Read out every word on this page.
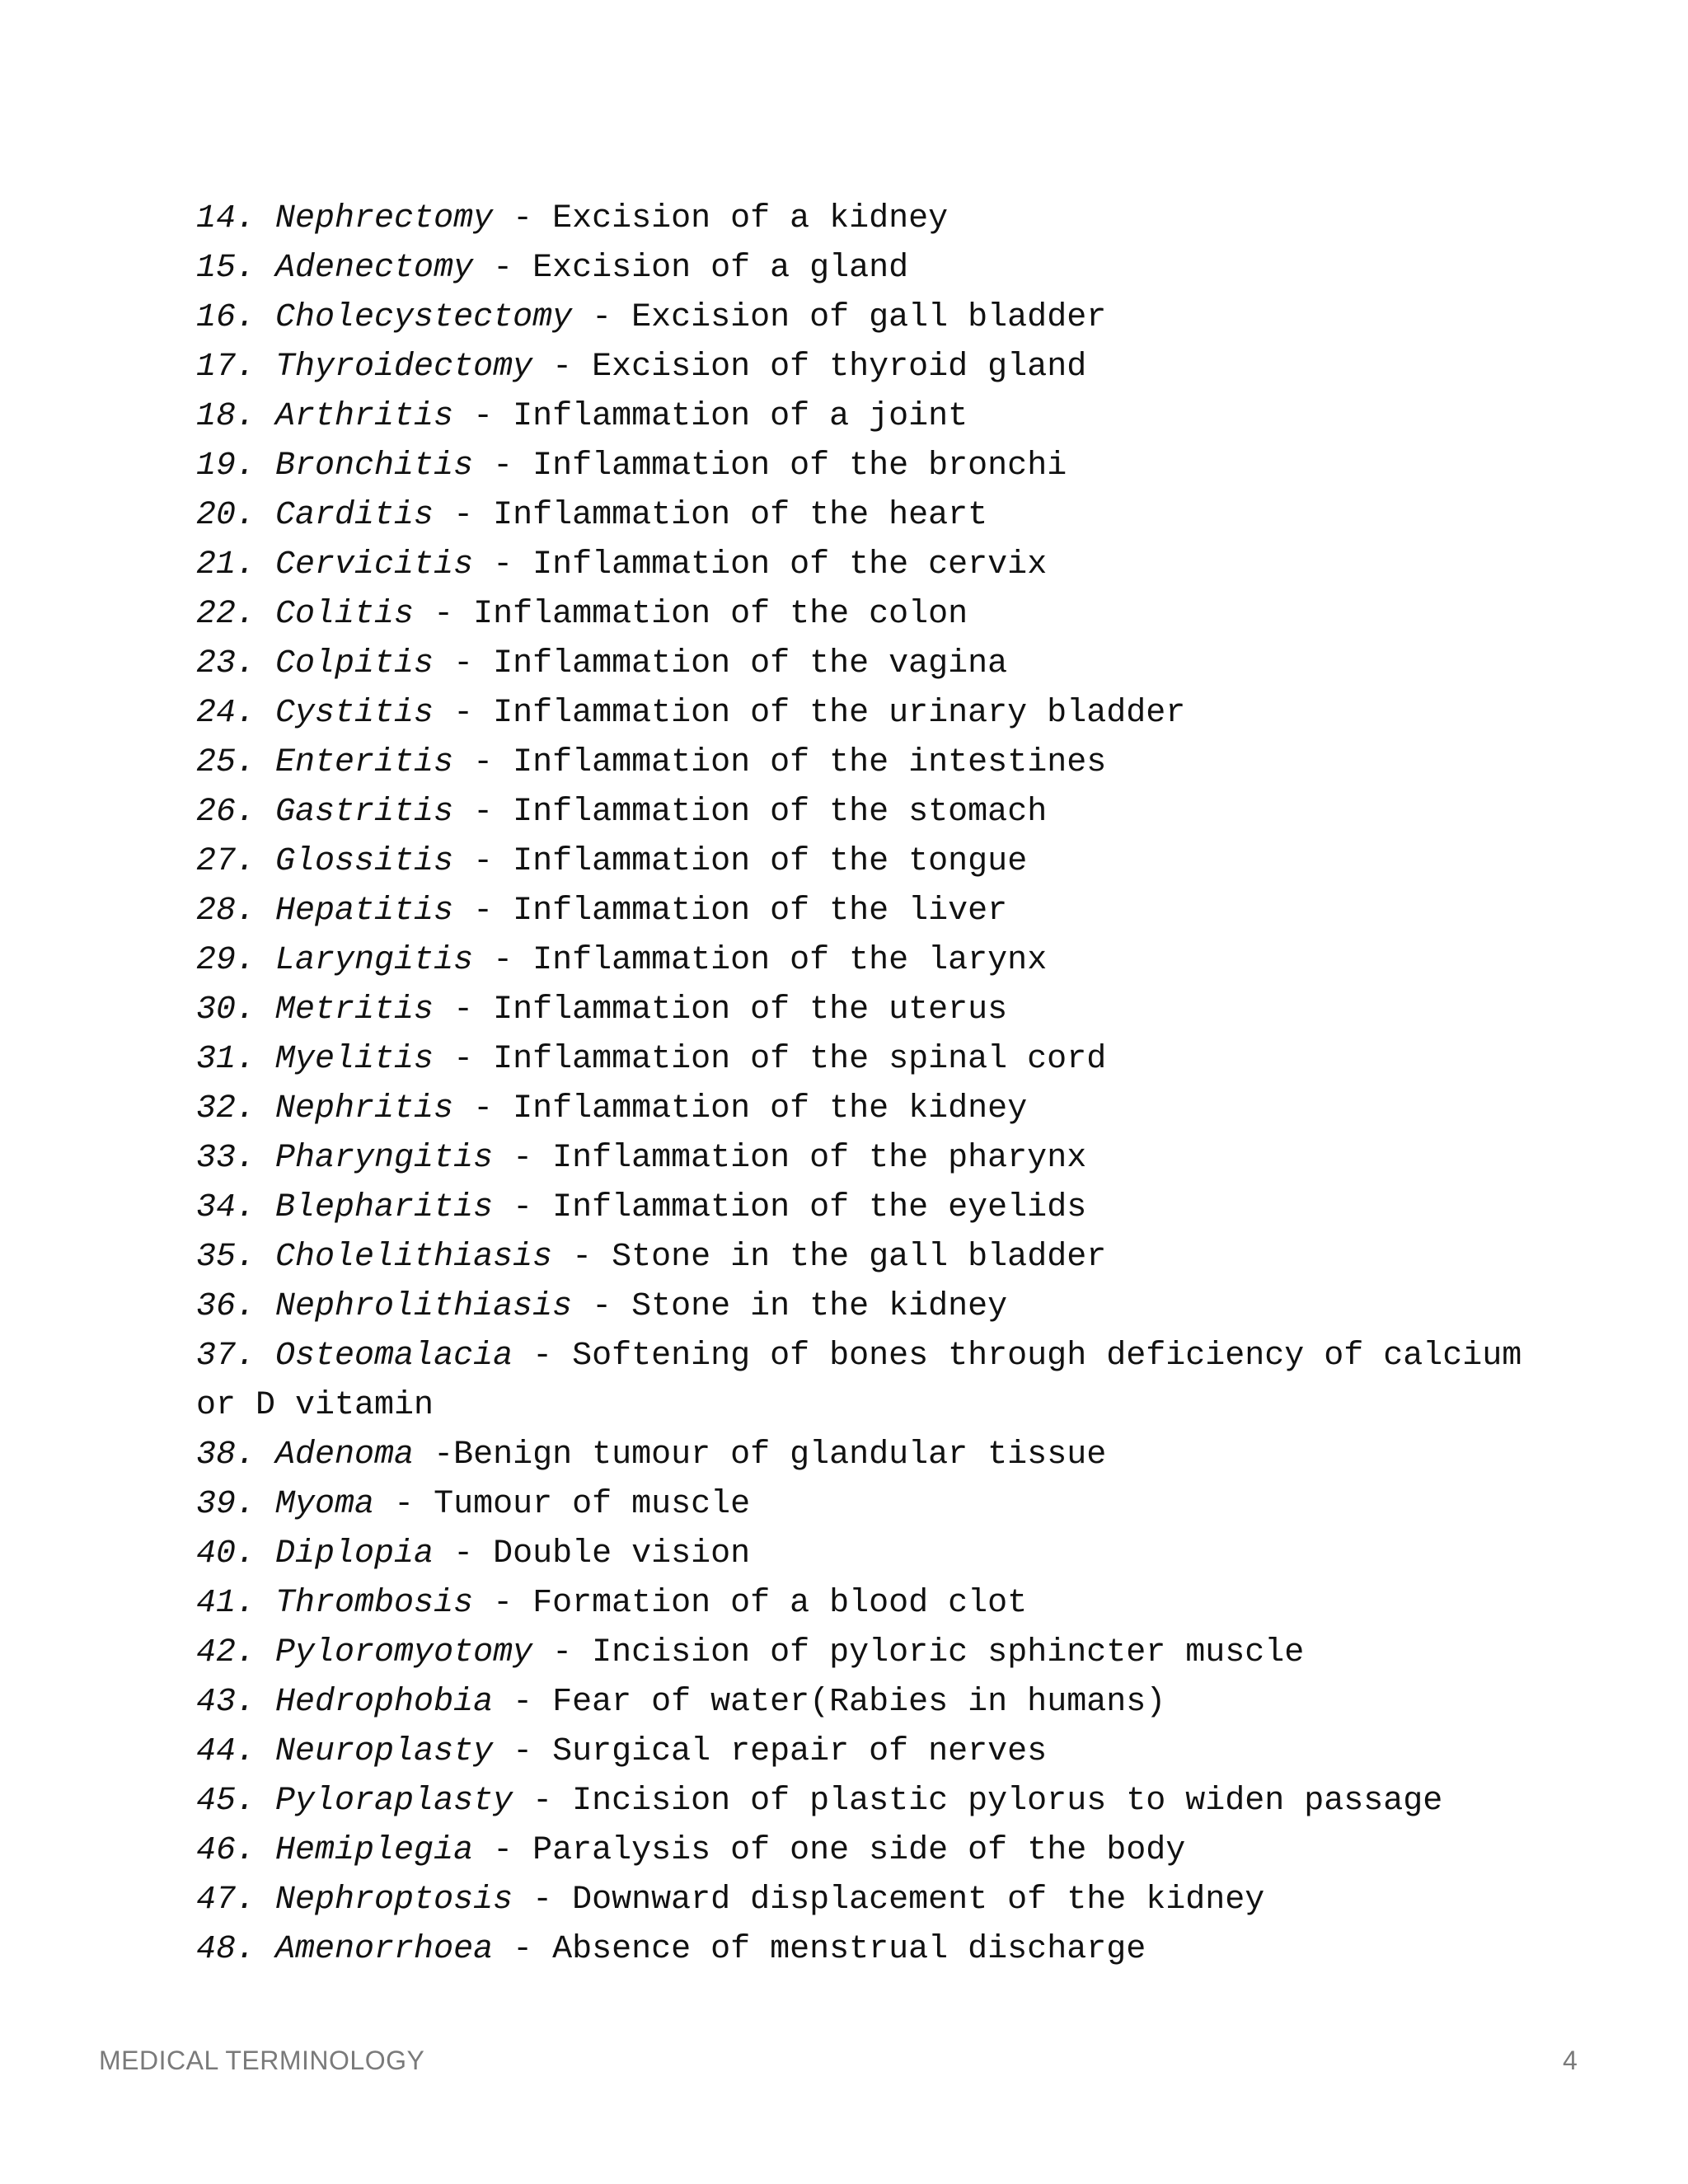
14. Nephrectomy - Excision of a kidney
15. Adenectomy - Excision of a gland
16. Cholecystectomy - Excision of gall bladder
17. Thyroidectomy - Excision of thyroid gland
18. Arthritis - Inflammation of a joint
19. Bronchitis - Inflammation of the bronchi
20. Carditis - Inflammation of the heart
21. Cervicitis - Inflammation of the cervix
22. Colitis - Inflammation of the colon
23. Colpitis - Inflammation of the vagina
24. Cystitis - Inflammation of the urinary bladder
25. Enteritis - Inflammation of the intestines
26. Gastritis - Inflammation of the stomach
27. Glossitis - Inflammation of the tongue
28. Hepatitis - Inflammation of the liver
29. Laryngitis - Inflammation of the larynx
30. Metritis - Inflammation of the uterus
31. Myelitis - Inflammation of the spinal cord
32. Nephritis - Inflammation of the kidney
33. Pharyngitis - Inflammation of the pharynx
34. Blepharitis - Inflammation of the eyelids
35. Cholelithiasis - Stone in the gall bladder
36. Nephrolithiasis - Stone in the kidney
37. Osteomalacia - Softening of bones through deficiency of calcium or D vitamin
38. Adenoma -Benign tumour of glandular tissue
39. Myoma - Tumour of muscle
40. Diplopia - Double vision
41. Thrombosis - Formation of a blood clot
42. Pyloromyotomy - Incision of pyloric sphincter muscle
43. Hedrophobia - Fear of water(Rabies in humans)
44. Neuroplasty - Surgical repair of nerves
45. Pyloraplasty - Incision of plastic pylorus to widen passage
46. Hemiplegia - Paralysis of one side of the body
47. Nephroptosis - Downward displacement of the kidney
48. Amenorrhoea - Absence of menstrual discharge
MEDICAL TERMINOLOGY	4
